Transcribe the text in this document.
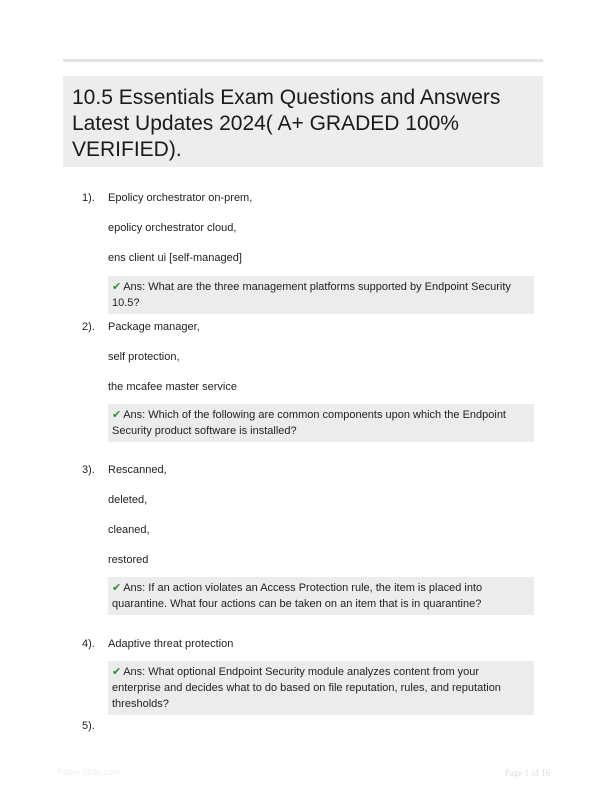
10.5 Essentials Exam Questions and Answers Latest Updates 2024( A+ GRADED 100% VERIFIED).
1). Epolicy orchestrator on-prem,
epolicy orchestrator cloud,
ens client ui [self-managed]
✔ Ans: What are the three management platforms supported by Endpoint Security 10.5?
2). Package manager,
self protection,
the mcafee master service
✔ Ans: Which of the following are common components upon which the Endpoint Security product software is installed?
3). Rescanned,
deleted,
cleaned,
restored
✔ Ans: If an action violates an Access Protection rule, the item is placed into quarantine. What four actions can be taken on an item that is in quarantine?
4). Adaptive threat protection
✔ Ans: What optional Endpoint Security module analyzes content from your enterprise and decides what to do based on file reputation, rules, and reputation thresholds?
5).
PaperSlide.com	Page 1 of 16
